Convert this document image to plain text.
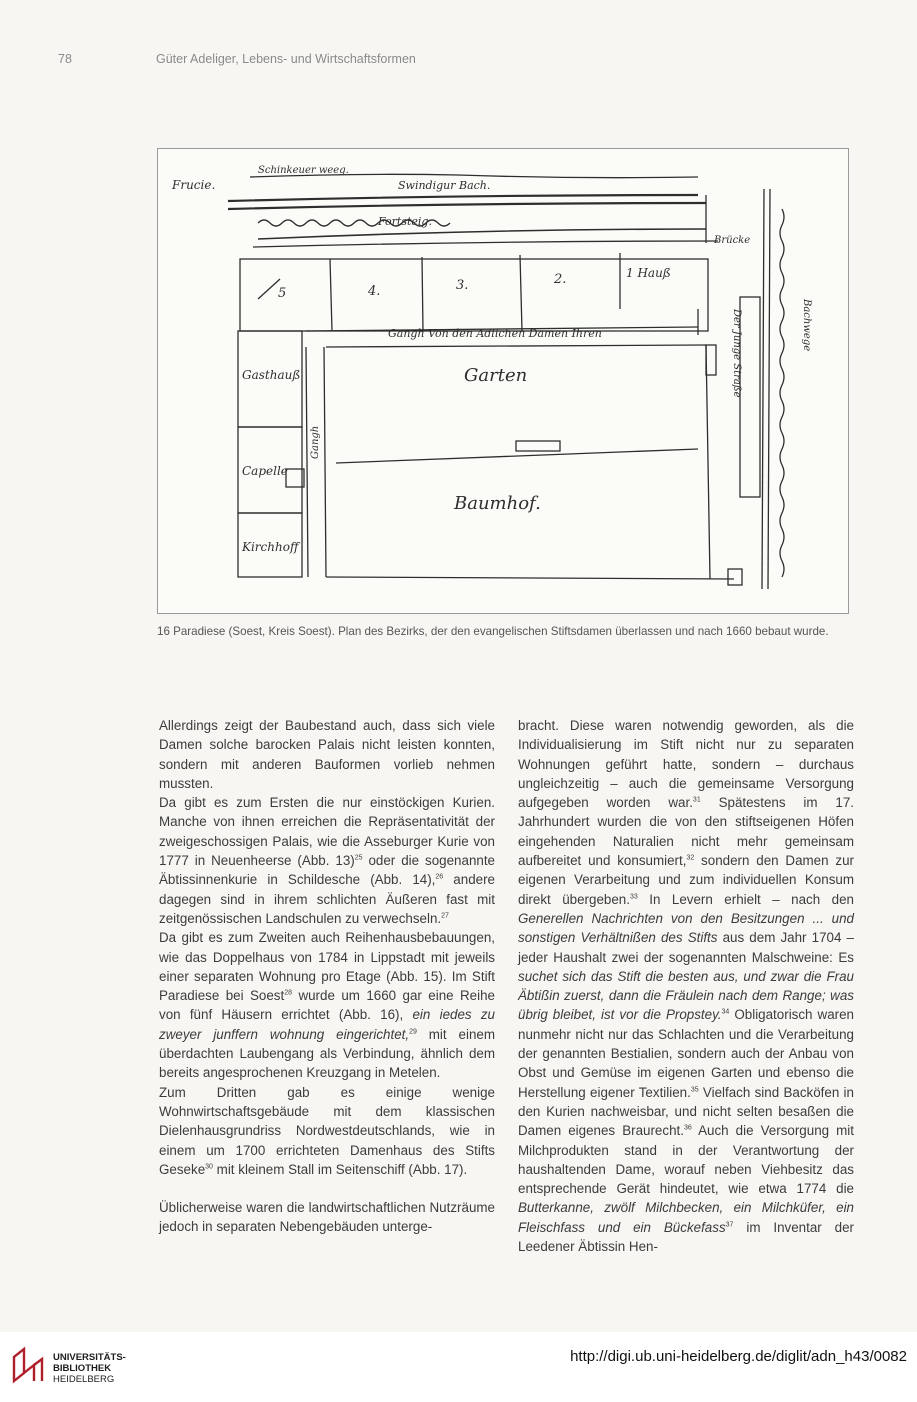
78	Güter Adeliger, Lebens- und Wirtschaftsformen
Frucie.
Schinkeuer weeg.
Swindigur Bach.
Fortsteig.
Brücke
5	4.	3.	2.	1 Hauß
Gangh Von den Adlichen Damen Ihren
Garten
Baumhof.
Gasthauß
Capelle
Kirchhoff
Gangh
Der Junge Straße	Bachwege
16 Paradiese (Soest, Kreis Soest). Plan des Bezirks, der den evangelischen Stiftsdamen überlassen und nach 1660 bebaut wurde.

Allerdings zeigt der Baubestand auch, dass sich viele Damen solche barocken Palais nicht leisten konnten, sondern mit anderen Bauformen vorlieb nehmen mussten.

Da gibt es zum Ersten die nur einstöckigen Kurien. Manche von ihnen erreichen die Repräsentativität der zweigeschossigen Palais, wie die Asseburger Kurie von 1777 in Neuenheerse (Abb. 13)$^{25}$ oder die sogenannte Äbtissinnenkurie in Schildesche (Abb. 14),$^{26}$ andere dagegen sind in ihrem schlichten Äußeren fast mit zeitgenössischen Landschulen zu verwechseln.$^{27}$

Da gibt es zum Zweiten auch Reihenhausbebauungen, wie das Doppelhaus von 1784 in Lippstadt mit jeweils einer separaten Wohnung pro Etage (Abb. 15). Im Stift Paradiese bei Soest$^{28}$ wurde um 1660 gar eine Reihe von fünf Häusern errichtet (Abb. 16), ein iedes zu zweyer junffern wohnung eingerichtet,$^{29}$ mit einem überdachten Laubengang als Verbindung, ähnlich dem bereits angesprochenen Kreuzgang in Metelen.

Zum Dritten gab es einige wenige Wohnwirtschaftsgebäude mit dem klassischen Dielenhausgrundriss Nordwestdeutschlands, wie in einem um 1700 errichteten Damenhaus des Stifts Geseke$^{30}$ mit kleinem Stall im Seitenschiff (Abb. 17).

Üblicherweise waren die landwirtschaftlichen Nutzräume jedoch in separaten Nebengebäuden unterge-

bracht. Diese waren notwendig geworden, als die Individualisierung im Stift nicht nur zu separaten Wohnungen geführt hatte, sondern – durchaus ungleichzeitig – auch die gemeinsame Versorgung aufgegeben worden war.$^{31}$ Spätestens im 17. Jahrhundert wurden die von den stiftseigenen Höfen eingehenden Naturalien nicht mehr gemeinsam aufbereitet und konsumiert,$^{32}$ sondern den Damen zur eigenen Verarbeitung und zum individuellen Konsum direkt übergeben.$^{33}$ In Levern erhielt – nach den Generellen Nachrichten von den Besitzungen ... und sonstigen Verhältnißen des Stifts aus dem Jahr 1704 – jeder Haushalt zwei der sogenannten Malschweine: Es suchet sich das Stift die besten aus, und zwar die Frau Äbtißin zuerst, dann die Fräulein nach dem Range; was übrig bleibet, ist vor die Propstey.$^{34}$ Obligatorisch waren nunmehr nicht nur das Schlachten und die Verarbeitung der genannten Bestialien, sondern auch der Anbau von Obst und Gemüse im eigenen Garten und ebenso die Herstellung eigener Textilien.$^{35}$ Vielfach sind Backöfen in den Kurien nachweisbar, und nicht selten besaßen die Damen eigenes Braurecht.$^{36}$ Auch die Versorgung mit Milchprodukten stand in der Verantwortung der haushaltenden Dame, worauf neben Viehbesitz das entsprechende Gerät hindeutet, wie etwa 1774 die Butterkanne, zwölf Milchbecken, ein Milchküfer, ein Fleischfass und ein Bückefass$^{37}$ im Inventar der Leedener Äbtissin Hen-

UNIVERSITÄTS-
BIBLIOTHEK
HEIDELBERG
http://digi.ub.uni-heidelberg.de/diglit/adn_h43/0082
